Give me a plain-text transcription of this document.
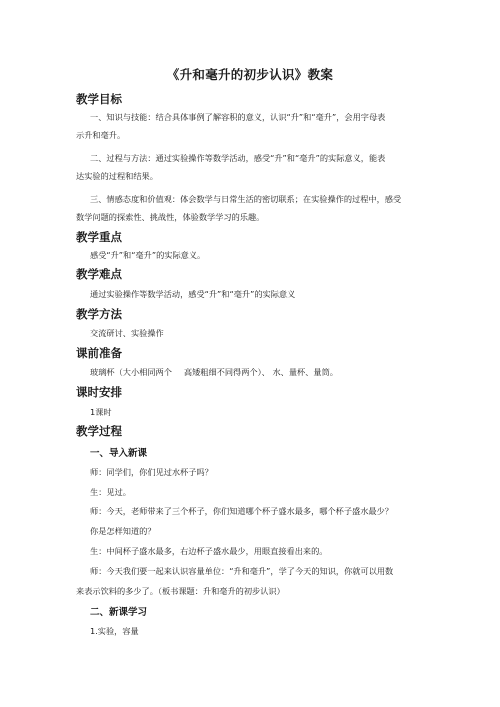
《升和毫升的初步认识》教案
教学目标
一、知识与技能：结合具体事例了解容积的意义，认识“升”和“毫升”，会用字母表
示升和毫升。
二、过程与方法：通过实验操作等数学活动，感受“升”和“毫升”的实际意义，能表
达实验的过程和结果。
三、情感态度和价值观：体会数学与日常生活的密切联系；在实验操作的过程中，感受
数学问题的探索性、挑战性，体验数学学习的乐趣。
教学重点
感受“升”和“毫升”的实际意义。
教学难点
通过实验操作等数学活动，感受“升”和“毫升”的实际意义
教学方法
交流研讨、实验操作
课前准备
玻璃杯（大小相同两个 高矮粗细不同得两个）、 水、量杯、量筒。
课时安排
1课时
教学过程
一、导入新课
师：同学们，你们见过水杯子吗？
生：见过。
师：今天，老师带来了三个杯子，你们知道哪个杯子盛水最多，哪个杯子盛水最少？
你是怎样知道的？
生：中间杯子盛水最多，右边杯子盛水最少，用眼直接看出来的。
师：今天我们要一起来认识容量单位：“升和毫升”，学了今天的知识，你就可以用数
来表示饮料的多少了。（板书课题：升和毫升的初步认识）
二、新课学习
1.实验，容量
